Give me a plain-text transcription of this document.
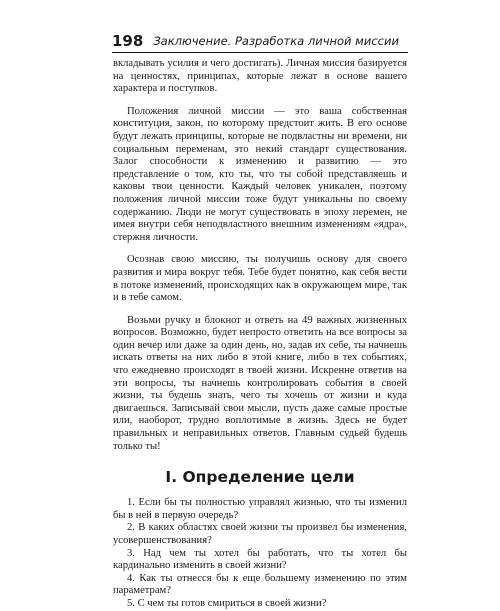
198 Заключение. Разработка личной миссии

вкладывать усилия и чего достигать). Личная миссия базируется на ценностях, принципах, которые лежат в основе вашего характера и поступков.

Положения личной миссии — это ваша собственная конституция, закон, по которому предстоит жить. В его основе будут лежать принципы, которые не подвластны ни времени, ни социальным переменам, это некий стандарт существования. Залог способности к изменению и развитию — это представление о том, кто ты, что ты собой представляешь и каковы твои ценности. Каждый человек уникален, поэтому положения личной миссии тоже будут уникальны по своему содержанию. Люди не могут существовать в эпоху перемен, не имея внутри себя неподвластного внешним изменениям «ядра», стержня личности.

Осознав свою миссию, ты получишь основу для своего развития и мира вокруг тебя. Тебе будет понятно, как себя вести в потоке изменений, происходящих как в окружающем мире, так и в тебе самом.

Возьми ручку и блокнот и ответь на 49 важных жизненных вопросов. Возможно, будет непросто ответить на все вопросы за один вечер или даже за один день, но, задав их себе, ты начнешь искать ответы на них либо в этой книге, либо в тех событиях, что ежедневно происходят в твоей жизни. Искренне ответив на эти вопросы, ты начнешь контролировать события в своей жизни, ты будешь знать, чего ты хочешь от жизни и куда двигаешься. Записывай свои мысли, пусть даже самые простые или, наоборот, трудно воплотимые в жизнь. Здесь не будет правильных и неправильных ответов. Главным судьей будешь только ты!

I. Определение цели

1. Если бы ты полностью управлял жизнью, что ты изменил бы в ней в первую очередь?

2. В каких областях своей жизни ты произвел бы изменения, усовершенствования?

3. Над чем ты хотел бы работать, что ты хотел бы кардинально изменить в своей жизни?

4. Как ты отнесся бы к еще большему изменению по этим параметрам?

5. С чем ты готов смириться в своей жизни?
